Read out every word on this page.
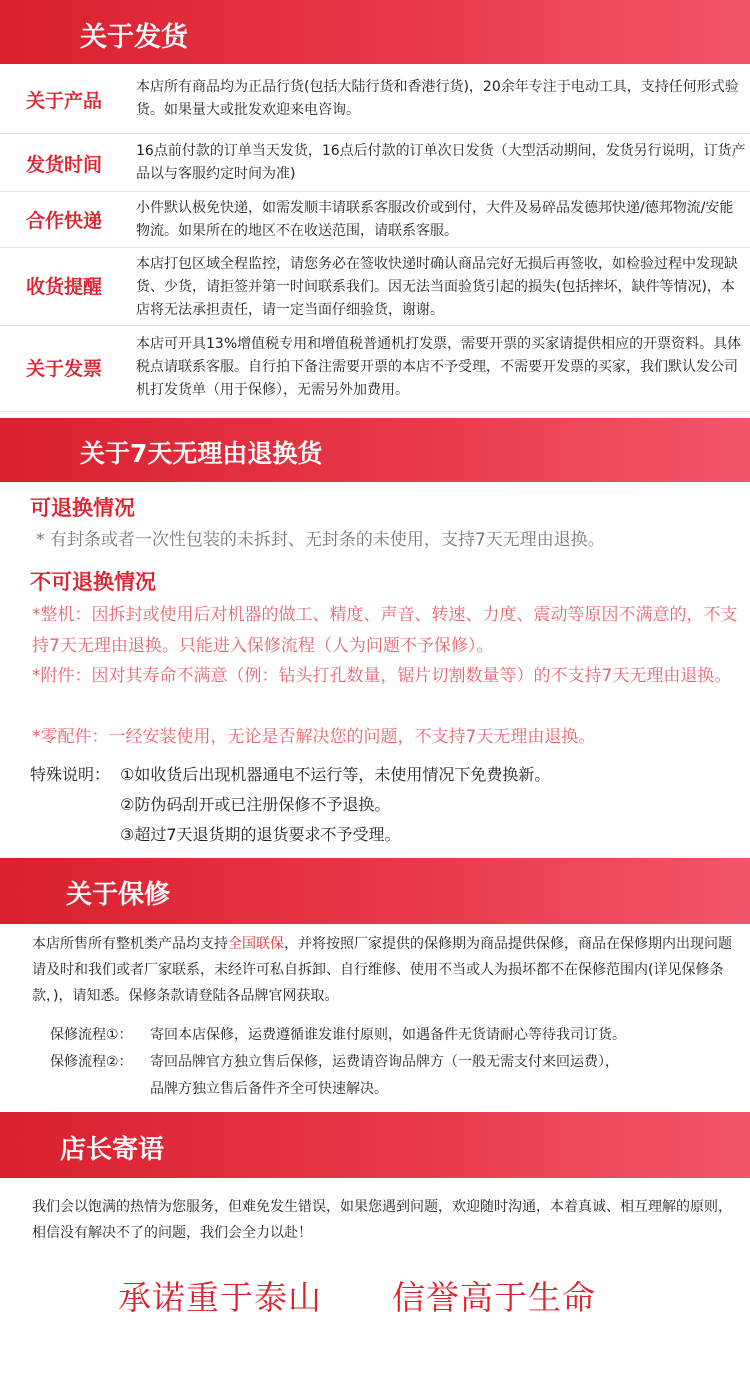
关于发货
关于产品
本店所有商品均为正品行货(包括大陆行货和香港行货)，20余年专注于电动工具，支持任何形式验货。如果量大或批发欢迎来电咨询。
发货时间
16点前付款的订单当天发货，16点后付款的订单次日发货（大型活动期间，发货另行说明，订货产品以与客服约定时间为准)
合作快递
小件默认极免快递，如需发顺丰请联系客服改价或到付，大件及易碎品发德邦快递/德邦物流/安能物流。如果所在的地区不在收送范围，请联系客服。
收货提醒
本店打包区域全程监控，请您务必在签收快递时确认商品完好无损后再签收，如检验过程中发现缺货、少货，请拒签并第一时间联系我们。因无法当面验货引起的损失(包括摔坏，缺件等情况)，本店将无法承担责任，请一定当面仔细验货，谢谢。
关于发票
本店可开具13%增值税专用和增值税普通机打发票，需要开票的买家请提供相应的开票资料。具体税点请联系客服。自行拍下备注需要开票的本店不予受理，不需要开发票的买家，我们默认发公司机打发货单（用于保修），无需另外加费用。
关于7天无理由退换货
可退换情况
* 有封条或者一次性包装的未拆封、无封条的未使用，支持7天无理由退换。
不可退换情况
*整机：因拆封或使用后对机器的做工、精度、声音、转速、力度、震动等原因不满意的，不支持7天无理由退换。只能进入保修流程（人为问题不予保修）。
*附件：因对其寿命不满意（例：钻头打孔数量，锯片切割数量等）的不支持7天无理由退换。
*零配件：一经安装使用，无论是否解决您的问题，不支持7天无理由退换。
特殊说明： ①如收货后出现机器通电不运行等，未使用情况下免费换新。
②防伪码刮开或已注册保修不予退换。
③超过7天退货期的退货要求不予受理。
关于保修
本店所售所有整机类产品均支持全国联保，并将按照厂家提供的保修期为商品提供保修，商品在保修期内出现问题请及时和我们或者厂家联系，未经许可私自拆卸、自行维修、使用不当或人为损坏都不在保修范围内(详见保修条款，)，请知悉。保修条款请登陆各品牌官网获取。
保修流程①： 寄回本店保修，运费遵循谁发谁付原则，如遇备件无货请耐心等待我司订货。
保修流程②： 寄回品牌官方独立售后保修，运费请咨询品牌方（一般无需支付来回运费），
品牌方独立售后备件齐全可快速解决。
店长寄语
我们会以饱满的热情为您服务，但难免发生错误，如果您遇到问题，欢迎随时沟通，本着真诚、相互理解的原则，相信没有解决不了的问题，我们会全力以赴！
承诺重于泰山 信誉高于生命
